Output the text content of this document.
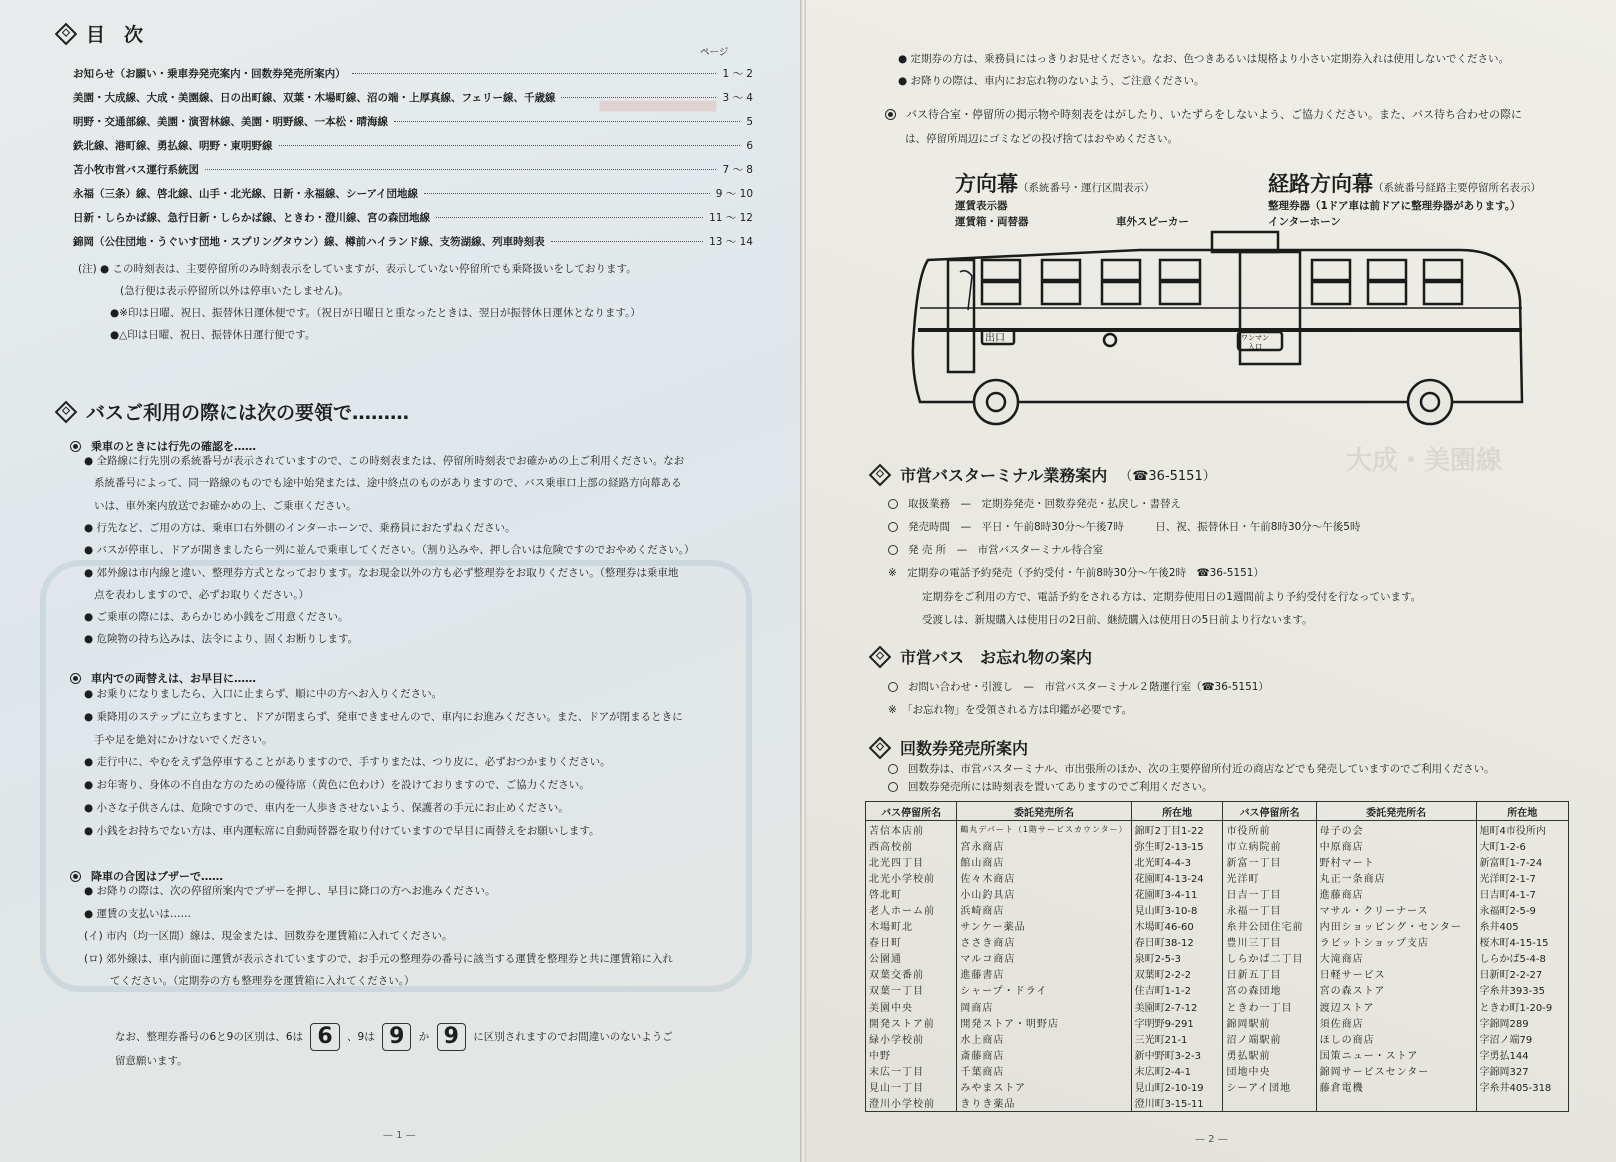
━━━
目　次
ページ
お知らせ（お願い・乗車券発売案内・回数券発売所案内）	1 〜 2
美園・大成線、大成・美園線、日の出町線、双葉・木場町線、沼の端・上厚真線、フェリー線、千歳線	3 〜 4
明野・交通部線、美園・演習林線、美園・明野線、一本松・晴海線	5
鉄北線、港町線、勇払線、明野・東明野線	6
苫小牧市営バス運行系統図	7 〜 8
永福（三条）線、啓北線、山手・北光線、日新・永福線、シーアイ団地線	9 〜 10
日新・しらかば線、急行日新・しらかば線、ときわ・澄川線、宮の森団地線	11 〜 12
錦岡（公住団地・うぐいす団地・スプリングタウン）線、樽前ハイランド線、支笏湖線、列車時刻表	13 〜 14
(注) ● この時刻表は、主要停留所のみ時刻表示をしていますが、表示していない停留所でも乗降扱いをしております。
(急行便は表示停留所以外は停車いたしません)。
●※印は日曜、祝日、振替休日運休便です。（祝日が日曜日と重なったときは、翌日が振替休日運休となります。）
●△印は日曜、祝日、振替休日運行便です。
バスご利用の際には次の要領で………
乗車のときには行先の確認を……
● 全路線に行先別の系統番号が表示されていますので、この時刻表または、停留所時刻表でお確かめの上ご利用ください。なお
系統番号によって、同一路線のものでも途中始発または、途中終点のものがありますので、バス乗車口上部の経路方向幕ある
いは、車外案内放送でお確かめの上、ご乗車ください。
● 行先など、ご用の方は、乗車口右外側のインターホーンで、乗務員におたずねください。
● バスが停車し、ドアが開きましたら一列に並んで乗車してください。（割り込みや、押し合いは危険ですのでおやめください。）
● 郊外線は市内線と違い、整理券方式となっております。なお現金以外の方も必ず整理券をお取りください。（整理券は乗車地
点を表わしますので、必ずお取りください。）
● ご乗車の際には、あらかじめ小銭をご用意ください。
● 危険物の持ち込みは、法令により、固くお断りします。
車内での両替えは、お早目に……
● お乗りになりましたら、入口に止まらず、順に中の方へお入りください。
● 乗降用のステップに立ちますと、ドアが閉まらず、発車できませんので、車内にお進みください。また、ドアが閉まるときに
手や足を絶対にかけないでください。
● 走行中に、やむをえず急停車することがありますので、手すりまたは、つり皮に、必ずおつかまりください。
● お年寄り、身体の不自由な方のための優待席（黄色に色わけ）を設けておりますので、ご協力ください。
● 小さな子供さんは、危険ですので、車内を一人歩きさせないよう、保護者の手元にお止めください。
● 小銭をお持ちでない方は、車内運転席に自動両替器を取り付けていますので早目に両替えをお願いします。
降車の合図はブザーで……
● お降りの際は、次の停留所案内でブザーを押し、早目に降口の方へお進みください。
● 運賃の支払いは……
(イ) 市内（均一区間）線は、現金または、回数券を運賃箱に入れてください。
(ロ) 郊外線は、車内前面に運賃が表示されていますので、お手元の整理券の番号に該当する運賃を整理券と共に運賃箱に入れ
てください。（定期券の方も整理券を運賃箱に入れてください。）
なお、整理券番号の6と9の区別は、6は 6 、9は 9 か 9 に区別されますのでお間違いのないようご
留意願います。
— 1 —
大成・美園線
● 定期券の方は、乗務員にはっきりお見せください。なお、色つきあるいは規格より小さい定期券入れは使用しないでください。
● お降りの際は、車内にお忘れ物のないよう、ご注意ください。
バス待合室・停留所の掲示物や時刻表をはがしたり、いたずらをしないよう、ご協力ください。また、バス待ち合わせの際に
は、停留所周辺にゴミなどの投げ捨てはおやめください。
方向幕（系統番号・運行区間表示）	経路方向幕（系統番号経路主要停留所名表示）
運賃表示器
運賃箱・両替器	車外スピーカー
整理券器（1ドア車は前ドアに整理券器があります。）
インターホーン
出口	ワンマン
入口
市営バスターミナル業務案内 （☎36-5151）
取扱業務　—　定期券発売・回数券発売・払戻し・書替え
発売時間　—　平日・午前8時30分〜午後7時　　　日、祝、振替休日・午前8時30分〜午後5時
発 売 所　—　市営バスターミナル待合室
※　定期券の電話予約発売（予約受付・午前8時30分〜午後2時　☎36-5151）
定期券をご利用の方で、電話予約をされる方は、定期券使用日の1週間前より予約受付を行なっています。
受渡しは、新規購入は使用日の2日前、継続購入は使用日の5日前より行ないます。
市営バス　お忘れ物の案内
お問い合わせ・引渡し　—　市営バスターミナル２階運行室（☎36-5151）
※　「お忘れ物」を受領される方は印鑑が必要です。
回数券発売所案内
回数券は、市営バスターミナル、市出張所のほか、次の主要停留所付近の商店などでも発売していますのでご利用ください。
回数券発売所には時刻表を置いてありますのでご利用ください。
バス停留所名	委託発売所名	所在地	バス停留所名	委託発売所名	所在地
苫信本店前	鶴丸デパート（1階サービスカウンター）	錦町2丁目1-22	市役所前	母子の会	旭町4市役所内
西高校前	宮永商店	弥生町2-13-15	市立病院前	中原商店	大町1-2-6
北光四丁目	館山商店	北光町4-4-3	新富一丁目	野村マート	新富町1-7-24
北光小学校前	佐々木商店	花園町4-13-24	光洋町	丸正一条商店	光洋町2-1-7
啓北町	小山釣具店	花園町3-4-11	日吉一丁目	進藤商店	日吉町4-1-7
老人ホーム前	浜崎商店	見山町3-10-8	永福一丁目	マサル・クリーナース	永福町2-5-9
木場町北	サンケー薬品	木場町46-60	糸井公団住宅前	内田ショッピング・センター	糸井405
春日町	ささき商店	春日町38-12	豊川三丁目	ラビットショップ支店	桜木町4-15-15
公園通	マルコ商店	泉町2-5-3	しらかば二丁目	大滝商店	しらかば5-4-8
双葉交番前	進藤書店	双葉町2-2-2	日新五丁目	日軽サービス	日新町2-2-27
双葉一丁目	シャープ・ドライ	住吉町1-1-2	宮の森団地	宮の森ストア	字糸井393-35
美園中央	岡商店	美園町2-7-12	ときわ一丁目	渡辺ストア	ときわ町1-20-9
開発ストア前	開発ストア・明野店	字明野9-291	錦岡駅前	須佐商店	字錦岡289
緑小学校前	水上商店	三光町21-1	沼ノ端駅前	ほしの商店	字沼ノ端79
中野	斎藤商店	新中野町3-2-3	勇払駅前	国策ニュー・ストア	字勇払144
末広一丁目	千葉商店	末広町2-4-1	団地中央	錦岡サービスセンター	字錦岡327
見山一丁目	みやまストア	見山町2-10-19	シーアイ団地	藤倉電機	字糸井405-318
澄川小学校前	きりき薬品	澄川町3-15-11			
— 2 —
